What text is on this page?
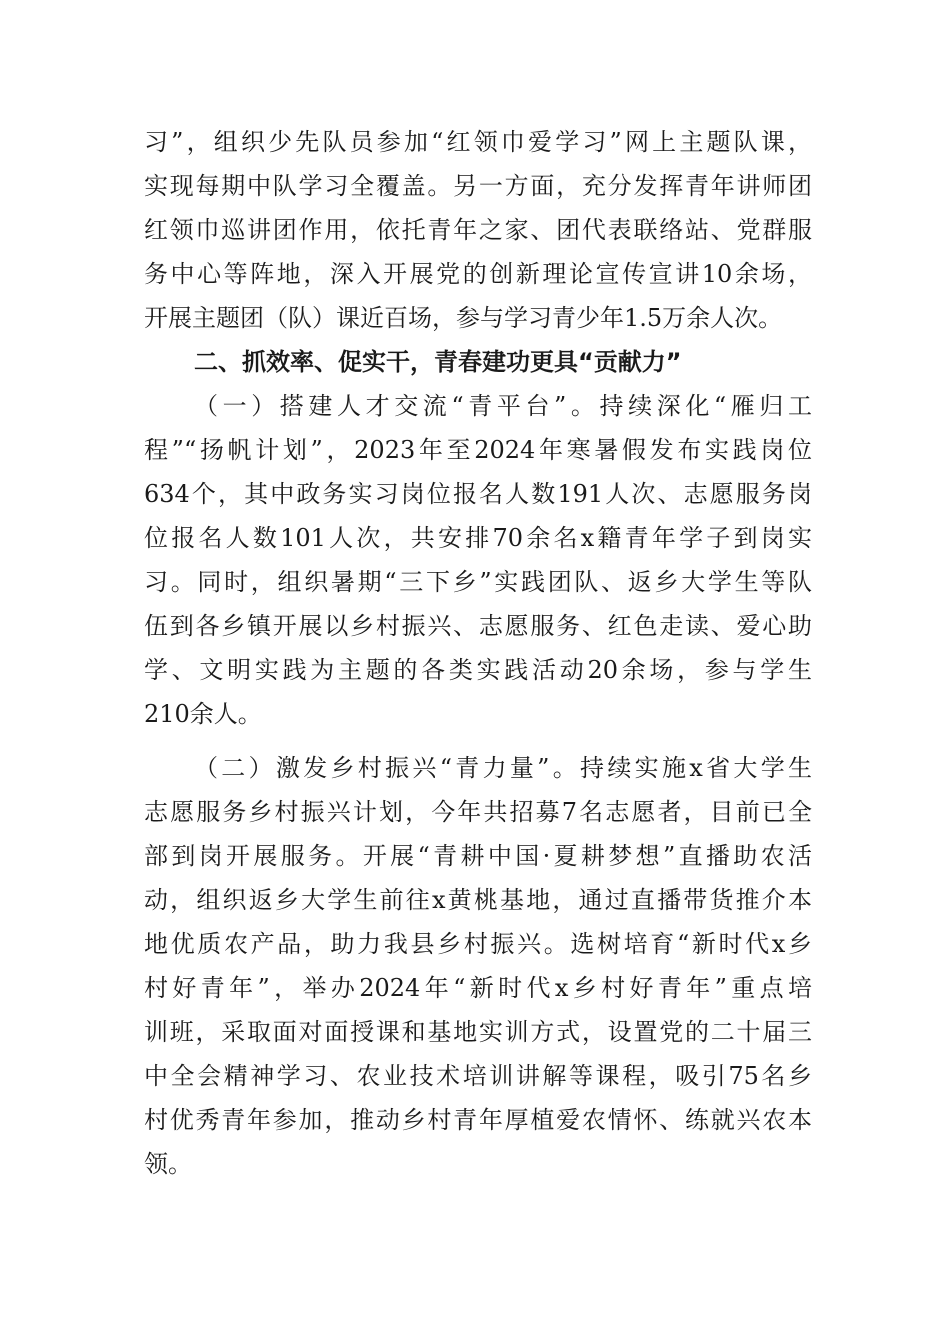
习”，组织少先队员参加“红领巾爱学习”网上主题队课，
实现每期中队学习全覆盖。另一方面，充分发挥青年讲师团
红领巾巡讲团作用，依托青年之家、团代表联络站、党群服
务中心等阵地，深入开展党的创新理论宣传宣讲10余场，
开展主题团（队）课近百场，参与学习青少年1.5万余人次。
二、抓效率、促实干，青春建功更具“贡献力”
（一）搭建人才交流“青平台”。持续深化“雁归工
程”“扬帆计划”，2023年至2024年寒暑假发布实践岗位
634个，其中政务实习岗位报名人数191人次、志愿服务岗
位报名人数101人次，共安排70余名x籍青年学子到岗实
习。同时，组织暑期“三下乡”实践团队、返乡大学生等队
伍到各乡镇开展以乡村振兴、志愿服务、红色走读、爱心助
学、文明实践为主题的各类实践活动20余场，参与学生
210余人。
（二）激发乡村振兴“青力量”。持续实施x省大学生
志愿服务乡村振兴计划，今年共招募7名志愿者，目前已全
部到岗开展服务。开展“青耕中国·夏耕梦想”直播助农活
动，组织返乡大学生前往x黄桃基地，通过直播带货推介本
地优质农产品，助力我县乡村振兴。选树培育“新时代x乡
村好青年”，举办2024年“新时代x乡村好青年”重点培
训班，采取面对面授课和基地实训方式，设置党的二十届三
中全会精神学习、农业技术培训讲解等课程，吸引75名乡
村优秀青年参加，推动乡村青年厚植爱农情怀、练就兴农本
领。
